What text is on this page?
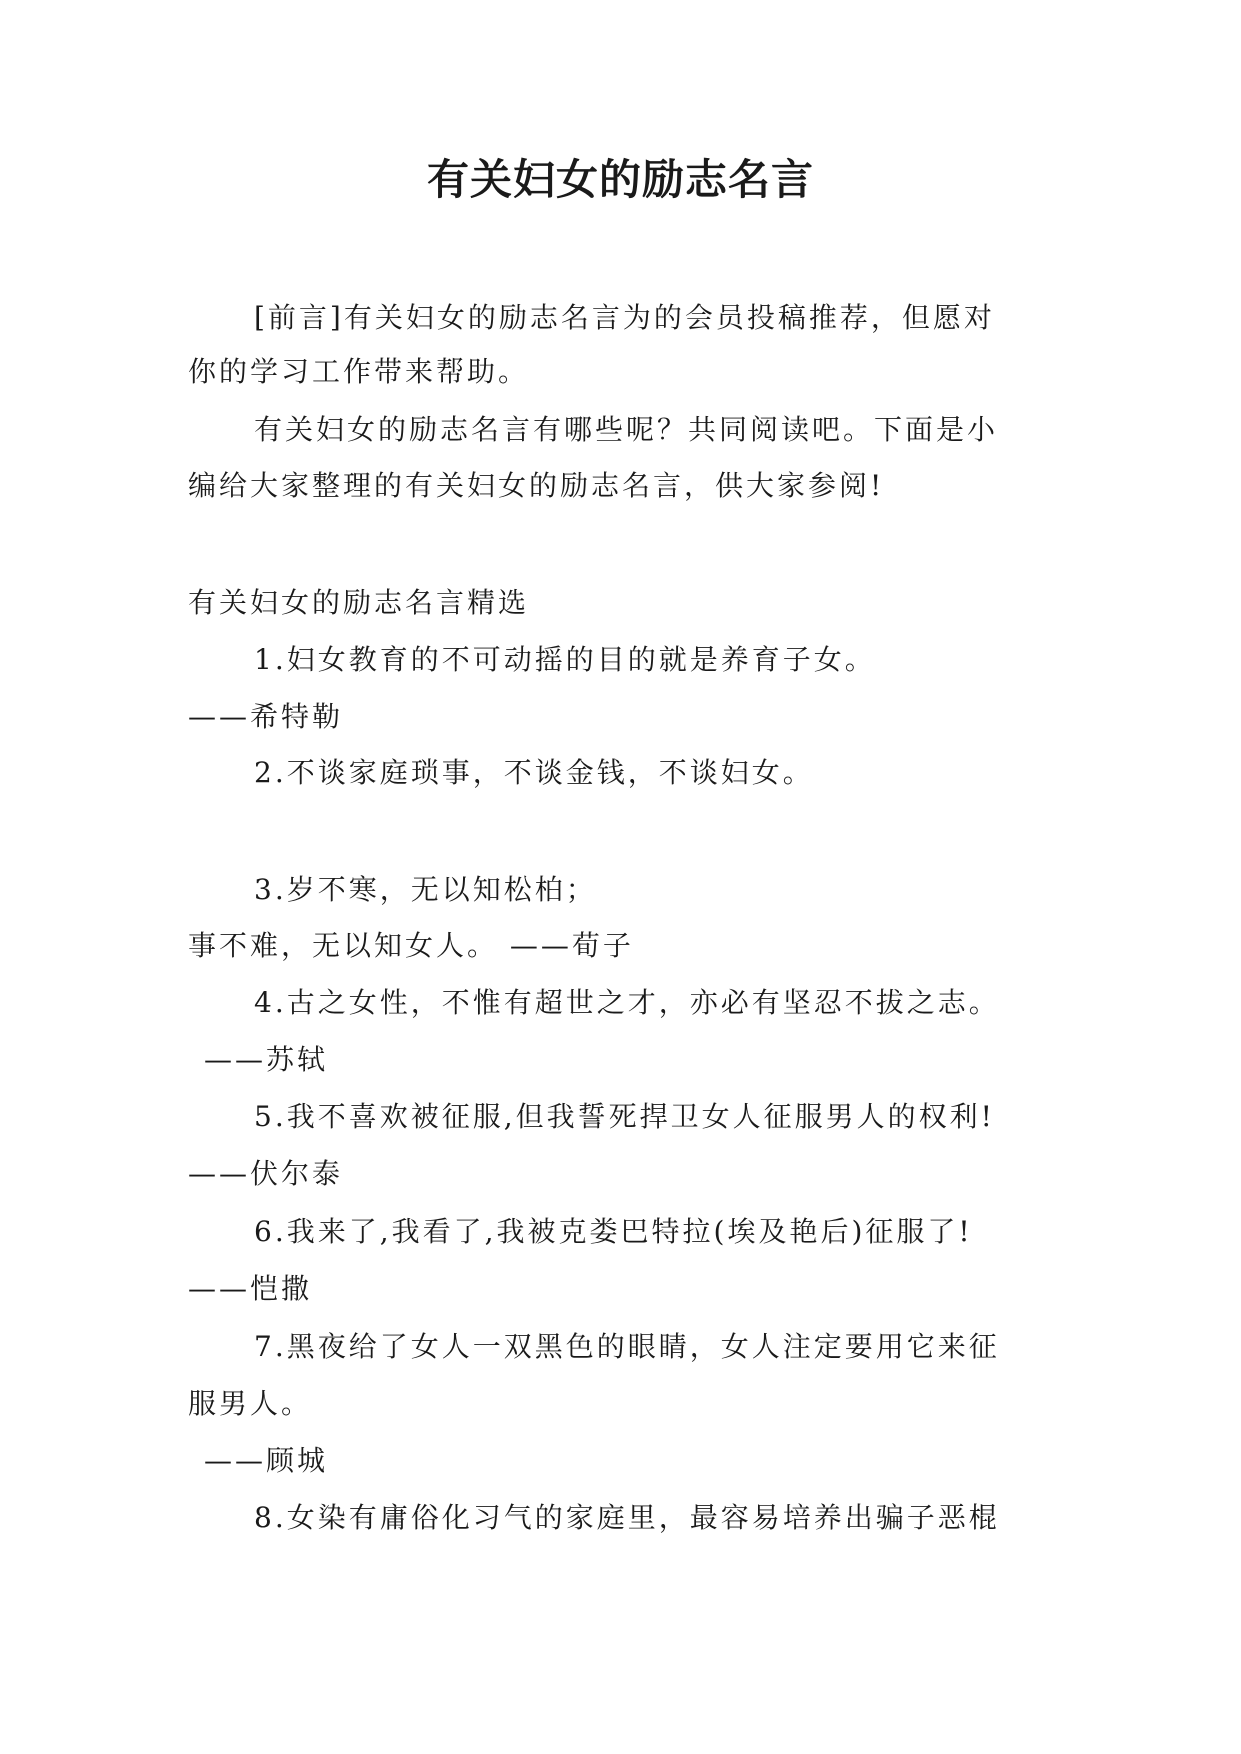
有关妇女的励志名言
[前言]有关妇女的励志名言为的会员投稿推荐，但愿对
你的学习工作带来帮助。
有关妇女的励志名言有哪些呢？共同阅读吧。下面是小
编给大家整理的有关妇女的励志名言，供大家参阅!
有关妇女的励志名言精选
1.妇女教育的不可动摇的目的就是养育子女。
——希特勒
2.不谈家庭琐事，不谈金钱，不谈妇女。
3.岁不寒，无以知松柏；
事不难，无以知女人。 ——荀子
4.古之女性，不惟有超世之才，亦必有坚忍不拔之志。
——苏轼
5.我不喜欢被征服,但我誓死捍卫女人征服男人的权利!
——伏尔泰
6.我来了,我看了,我被克娄巴特拉(埃及艳后)征服了!
——恺撒
7.黑夜给了女人一双黑色的眼睛，女人注定要用它来征
服男人。
——顾城
8.女染有庸俗化习气的家庭里，最容易培养出骗子恶棍
